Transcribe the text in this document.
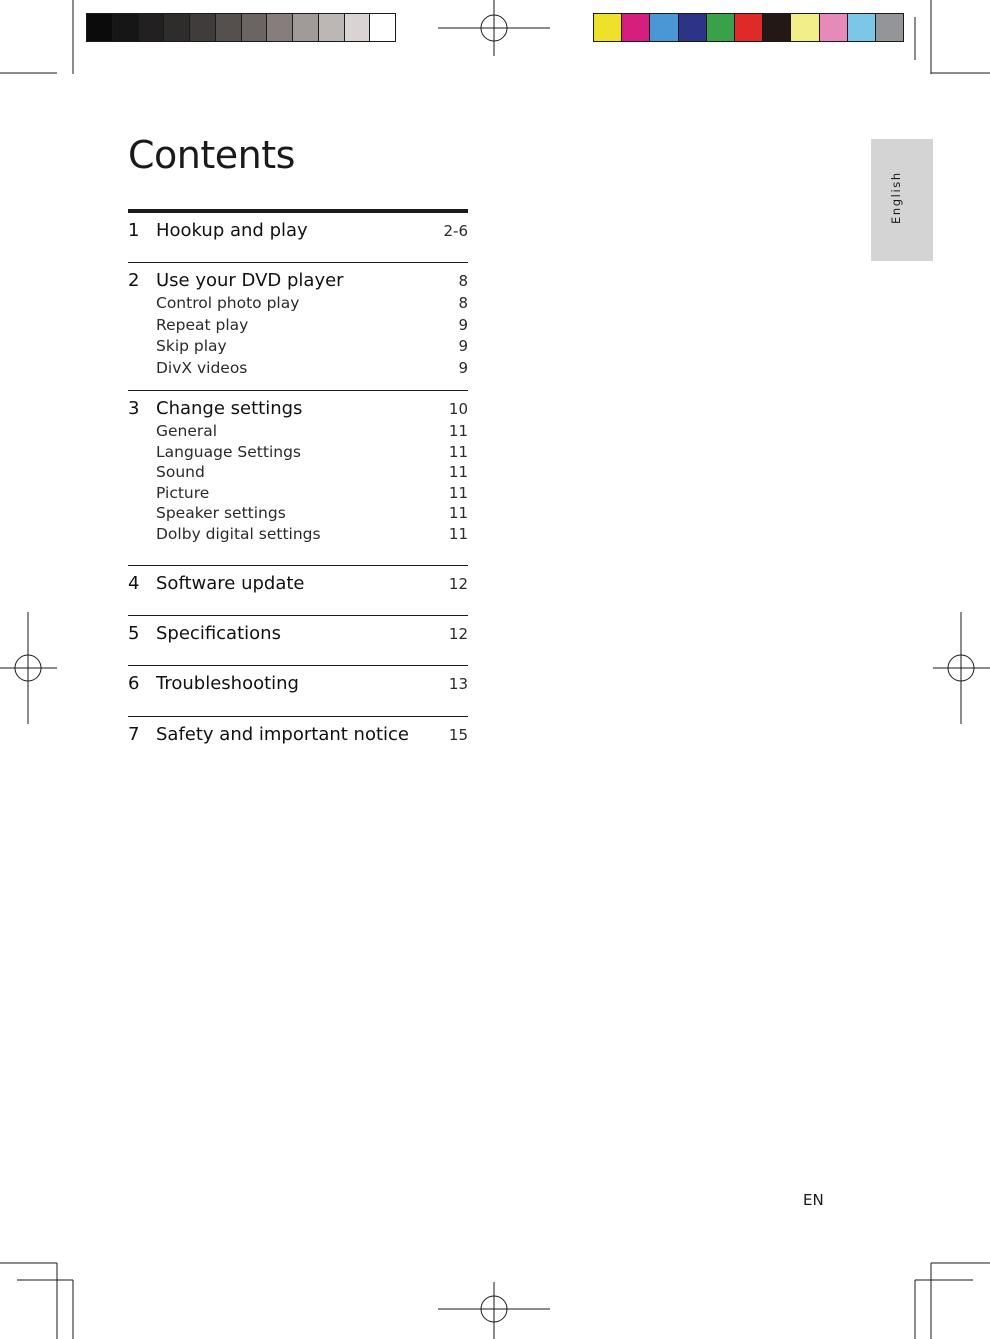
English
Contents
1 Hookup and play	2-6
2 Use your DVD player	8
Control photo play	8
Repeat play	9
Skip play	9
DivX videos	9
3 Change settings	10
General	11
Language Settings	11
Sound	11
Picture	11
Speaker settings	11
Dolby digital settings	11
4 Software update	12
5 Specifications	12
6 Troubleshooting	13
7 Safety and important notice	15
EN
